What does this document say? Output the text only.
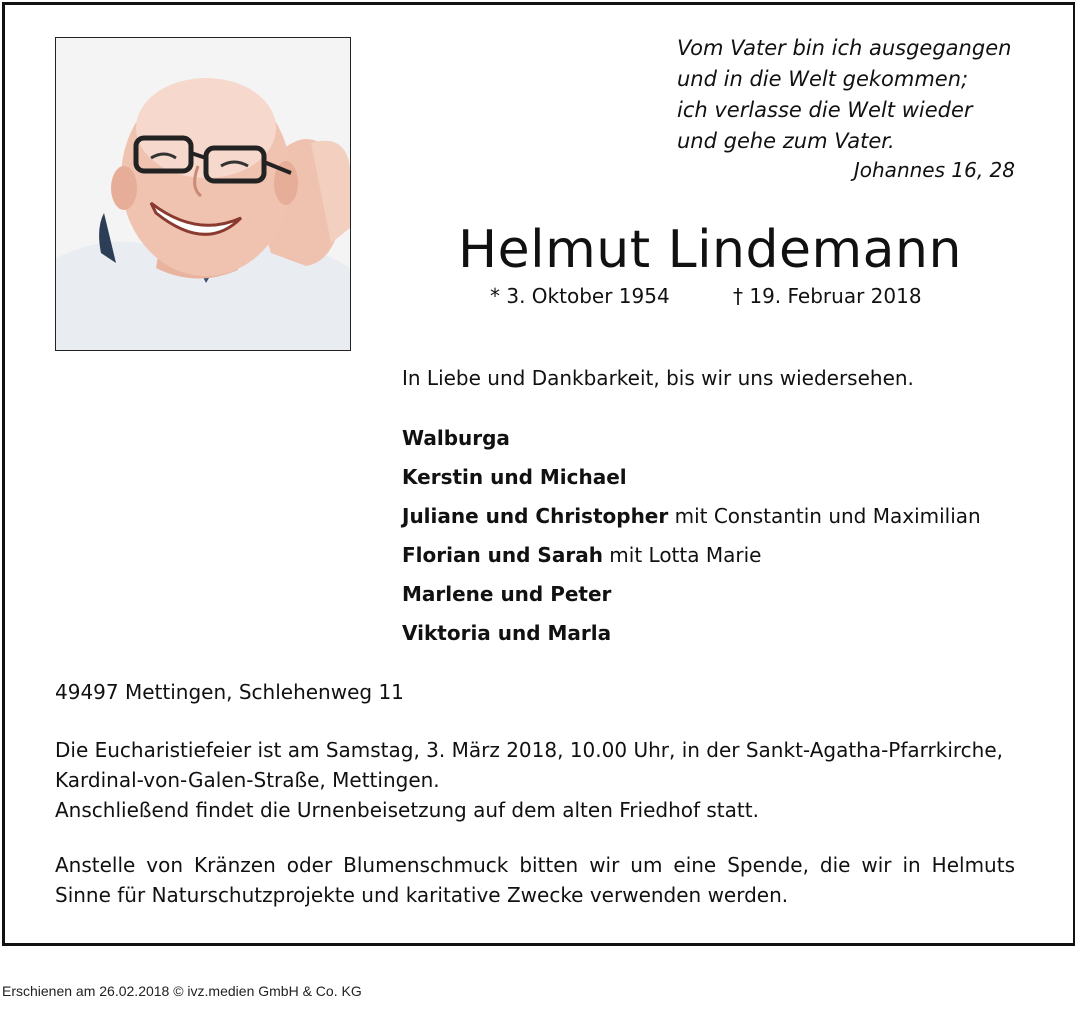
Vom Vater bin ich ausgegangen
und in die Welt gekommen;
ich verlasse die Welt wieder
und gehe zum Vater.
Johannes 16, 28
Helmut Lindemann
* 3. Oktober 1954	† 19. Februar 2018
In Liebe und Dankbarkeit, bis wir uns wiedersehen.
Walburga
Kerstin und Michael
Juliane und Christopher mit Constantin und Maximilian
Florian und Sarah mit Lotta Marie
Marlene und Peter
Viktoria und Marla
49497 Mettingen, Schlehenweg 11
Die Eucharistiefeier ist am Samstag, 3. März 2018, 10.00 Uhr, in der Sankt-Agatha-Pfarrkirche,
Kardinal-von-Galen-Straße, Mettingen.
Anschließend findet die Urnenbeisetzung auf dem alten Friedhof statt.
Anstelle von Kränzen oder Blumenschmuck bitten wir um eine Spende, die wir in Helmuts Sinne für Naturschutzprojekte und karitative Zwecke verwenden werden.
Erschienen am 26.02.2018 © ivz.medien GmbH & Co. KG
